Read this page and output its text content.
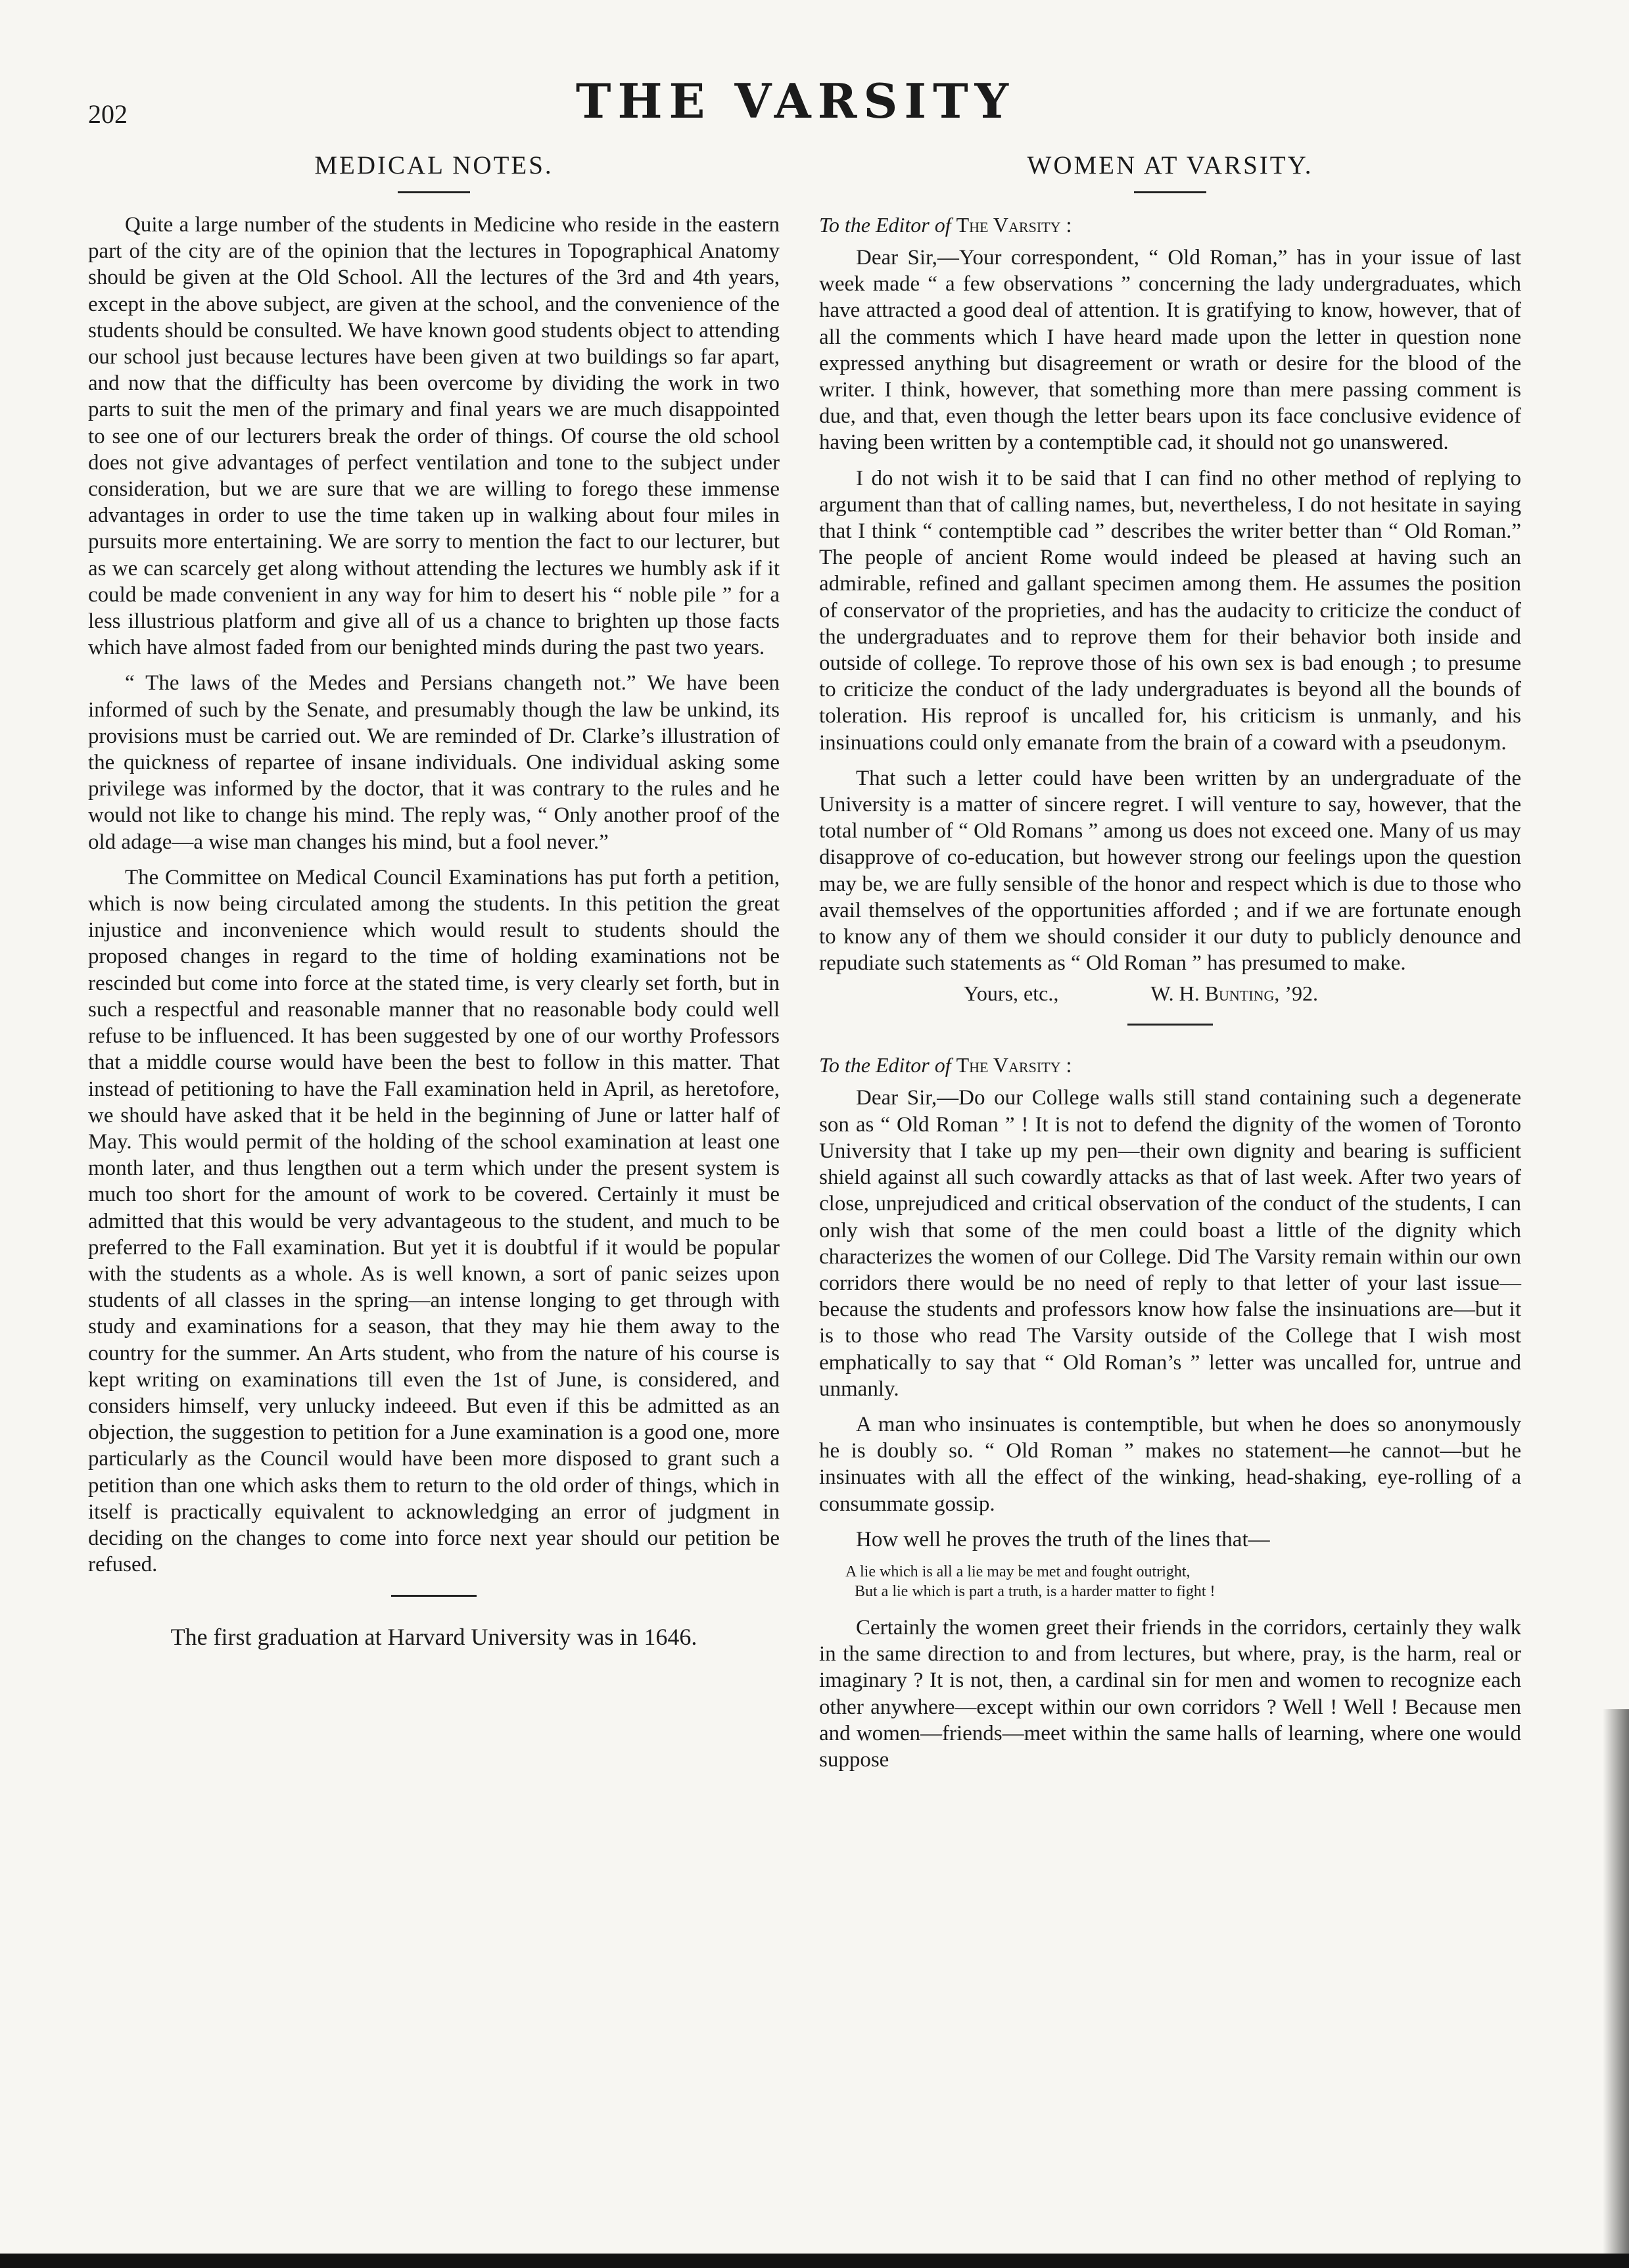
202	THE VARSITY
MEDICAL NOTES.

Quite a large number of the students in Medicine who reside in the eastern part of the city are of the opinion that the lectures in Topographical Anatomy should be given at the Old School. All the lectures of the 3rd and 4th years, except in the above subject, are given at the school, and the convenience of the students should be consulted. We have known good students object to attending our school just because lectures have been given at two buildings so far apart, and now that the difficulty has been overcome by dividing the work in two parts to suit the men of the primary and final years we are much disappointed to see one of our lecturers break the order of things. Of course the old school does not give advantages of perfect ventilation and tone to the subject under consideration, but we are sure that we are willing to forego these immense advantages in order to use the time taken up in walking about four miles in pursuits more entertaining. We are sorry to mention the fact to our lecturer, but as we can scarcely get along without attending the lectures we humbly ask if it could be made convenient in any way for him to desert his “ noble pile ” for a less illustrious platform and give all of us a chance to brighten up those facts which have almost faded from our benighted minds during the past two years.

“ The laws of the Medes and Persians changeth not.” We have been informed of such by the Senate, and presumably though the law be unkind, its provisions must be carried out. We are reminded of Dr. Clarke’s illustration of the quickness of repartee of insane individuals. One individual asking some privilege was informed by the doctor, that it was contrary to the rules and he would not like to change his mind. The reply was, “ Only another proof of the old adage—a wise man changes his mind, but a fool never.”

The Committee on Medical Council Examinations has put forth a petition, which is now being circulated among the students. In this petition the great injustice and inconvenience which would result to students should the proposed changes in regard to the time of holding examinations not be rescinded but come into force at the stated time, is very clearly set forth, but in such a respectful and reasonable manner that no reasonable body could well refuse to be influenced. It has been suggested by one of our worthy Professors that a middle course would have been the best to follow in this matter. That instead of petitioning to have the Fall examination held in April, as heretofore, we should have asked that it be held in the beginning of June or latter half of May. This would permit of the holding of the school examination at least one month later, and thus lengthen out a term which under the present system is much too short for the amount of work to be covered. Certainly it must be admitted that this would be very advantageous to the student, and much to be preferred to the Fall examination. But yet it is doubtful if it would be popular with the students as a whole. As is well known, a sort of panic seizes upon students of all classes in the spring—an intense longing to get through with study and examinations for a season, that they may hie them away to the country for the summer. An Arts student, who from the nature of his course is kept writing on examinations till even the 1st of June, is considered, and considers himself, very unlucky indeeed. But even if this be admitted as an objection, the suggestion to petition for a June examination is a good one, more particularly as the Council would have been more disposed to grant such a petition than one which asks them to return to the old order of things, which in itself is practically equivalent to acknowledging an error of judgment in deciding on the changes to come into force next year should our petition be refused.

The first graduation at Harvard University was in 1646.

WOMEN AT VARSITY.

To the Editor of The Varsity :

Dear Sir,—Your correspondent, “ Old Roman,” has in your issue of last week made “ a few observations ” concerning the lady undergraduates, which have attracted a good deal of attention. It is gratifying to know, however, that of all the comments which I have heard made upon the letter in question none expressed anything but disagreement or wrath or desire for the blood of the writer. I think, however, that something more than mere passing comment is due, and that, even though the letter bears upon its face conclusive evidence of having been written by a contemptible cad, it should not go unanswered.

I do not wish it to be said that I can find no other method of replying to argument than that of calling names, but, nevertheless, I do not hesitate in saying that I think “ contemptible cad ” describes the writer better than “ Old Roman.” The people of ancient Rome would indeed be pleased at having such an admirable, refined and gallant specimen among them. He assumes the position of conservator of the proprieties, and has the audacity to criticize the conduct of the undergraduates and to reprove them for their behavior both inside and outside of college. To reprove those of his own sex is bad enough ; to presume to criticize the conduct of the lady undergraduates is beyond all the bounds of toleration. His reproof is uncalled for, his criticism is unmanly, and his insinuations could only emanate from the brain of a coward with a pseudonym.

That such a letter could have been written by an undergraduate of the University is a matter of sincere regret. I will venture to say, however, that the total number of “ Old Romans ” among us does not exceed one. Many of us may disapprove of co-education, but however strong our feelings upon the question may be, we are fully sensible of the honor and respect which is due to those who avail themselves of the opportunities afforded ; and if we are fortunate enough to know any of them we should consider it our duty to publicly denounce and repudiate such statements as “ Old Roman ” has presumed to make.

Yours, etc.,	W. H. Bunting, ’92.

To the Editor of The Varsity :

Dear Sir,—Do our College walls still stand containing such a degenerate son as “ Old Roman ” ! It is not to defend the dignity of the women of Toronto University that I take up my pen—their own dignity and bearing is sufficient shield against all such cowardly attacks as that of last week. After two years of close, unprejudiced and critical observation of the conduct of the students, I can only wish that some of the men could boast a little of the dignity which characterizes the women of our College. Did The Varsity remain within our own corridors there would be no need of reply to that letter of your last issue—because the students and professors know how false the insinuations are—but it is to those who read The Varsity outside of the College that I wish most emphatically to say that “ Old Roman’s ” letter was uncalled for, untrue and unmanly.

A man who insinuates is contemptible, but when he does so anonymously he is doubly so. “ Old Roman ” makes no statement—he cannot—but he insinuates with all the effect of the winking, head-shaking, eye-rolling of a consummate gossip.

How well he proves the truth of the lines that—

A lie which is all a lie may be met and fought outright,
But a lie which is part a truth, is a harder matter to fight !

Certainly the women greet their friends in the corridors, certainly they walk in the same direction to and from lectures, but where, pray, is the harm, real or imaginary ? It is not, then, a cardinal sin for men and women to recognize each other anywhere—except within our own corridors ? Well ! Well ! Because men and women—friends—meet within the same halls of learning, where one would suppose
